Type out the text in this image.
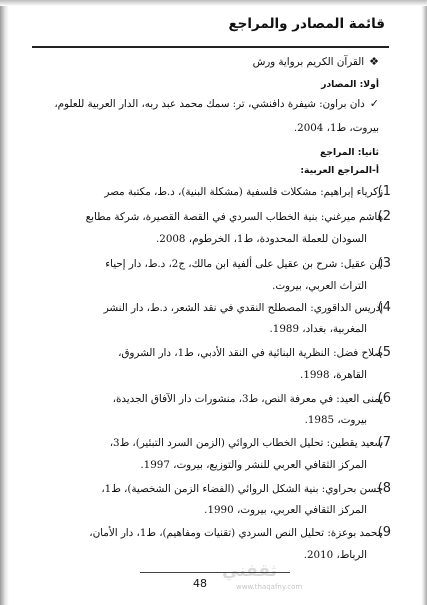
قائمة المصادر والمراجع
❖القرآن الكريم برواية ورش
أولا: المصادر
✓دان براون: شيفرة دافنشي، تر: سمك محمد عبد ربه، الدار العربية للعلوم،
بيروت، ط1، 2004.
ثانيا: المراجع
أ-المراجع العربية:
1 )
زكرياء إبراهيم: مشكلات فلسفية (مشكلة البنية)، د.ط، مكتبة مصر
2 )
هاشم ميرغني: بنية الخطاب السردي في القصة القصيرة، شركة مطابع
السودان للعملة المحدودة، ط1، الخرطوم، 2008.
3 )
ابن عقيل: شرح بن عقيل على ألفية ابن مالك، ج2، د.ط، دار إحياء
التراث العربي، بيروت.
4 )
إدريس الداقوري: المصطلح النقدي في نقد الشعر، د.ط، دار النشر
المغربية، بغداد، 1989.
5 )
صلاح فضل: النظرية البنائية في النقد الأدبي، ط1، دار الشروق،
القاهرة، 1998.
6 )
يمنى العيد: في معرفة النص، ط3، منشورات دار الآفاق الجديدة،
بيروت، 1985.
7 )
سعيد يقطين: تحليل الخطاب الروائي (الزمن السرد التبئير)، ط3،
المركز الثقافي العربي للنشر والتوزيع، بيروت، 1997.
8 )
حسن بحراوي: بنية الشكل الروائي (الفضاء الزمن الشخصية)، ط1،
المركز الثقافي العربي، بيروت، 1990.
9 )
محمد بوعزة: تحليل النص السردي (تقنيات ومفاهيم)، ط1، دار الأمان،
الرباط، 2010.
ثقفني
www.thaqafny.com
48
